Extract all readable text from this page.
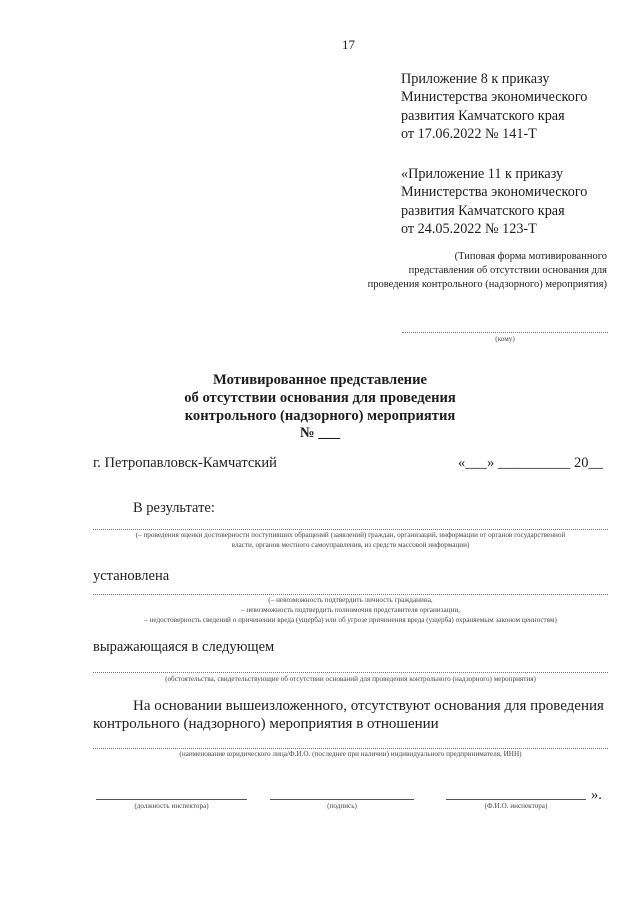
17
Приложение 8 к приказу
Министерства экономического
развития Камчатского края
от 17.06.2022 № 141-Т
«Приложение 11 к приказу
Министерства экономического
развития Камчатского края
от 24.05.2022 № 123-Т
(Типовая форма мотивированного
представления об отсутствии основания для
проведения контрольного (надзорного) мероприятия)
(кому)
Мотивированное представление
об отсутствии основания для проведения
контрольного (надзорного) мероприятия
№ ___
г. Петропавловск-Камчатский	«___» __________ 20__
В результате:
(– проведения оценки достоверности поступивших обращений (заявлений) граждан, организаций, информации от органов государственной
власти, органов местного самоуправления, из средств массовой информации)
установлена
(– невозможность подтвердить личность гражданина,
– невозможность подтвердить полномочия представителя организации,
– недостоверность сведений о причинении вреда (ущерба) или об угрозе причинения вреда (ущерба) охраняемым законом ценностям)
выражающаяся в следующем
(обстоятельства, свидетельствующие об отсутствии оснований для проведения контрольного (надзорного) мероприятия)
На основании вышеизложенного, отсутствуют основания для проведения
контрольного (надзорного) мероприятия в отношении
(наименование юридического лица/Ф.И.О. (последнее при наличии) индивидуального предпринимателя, ИНН)
(должность инспектора)	(подпись)	(Ф.И.О. инспектора)
».
